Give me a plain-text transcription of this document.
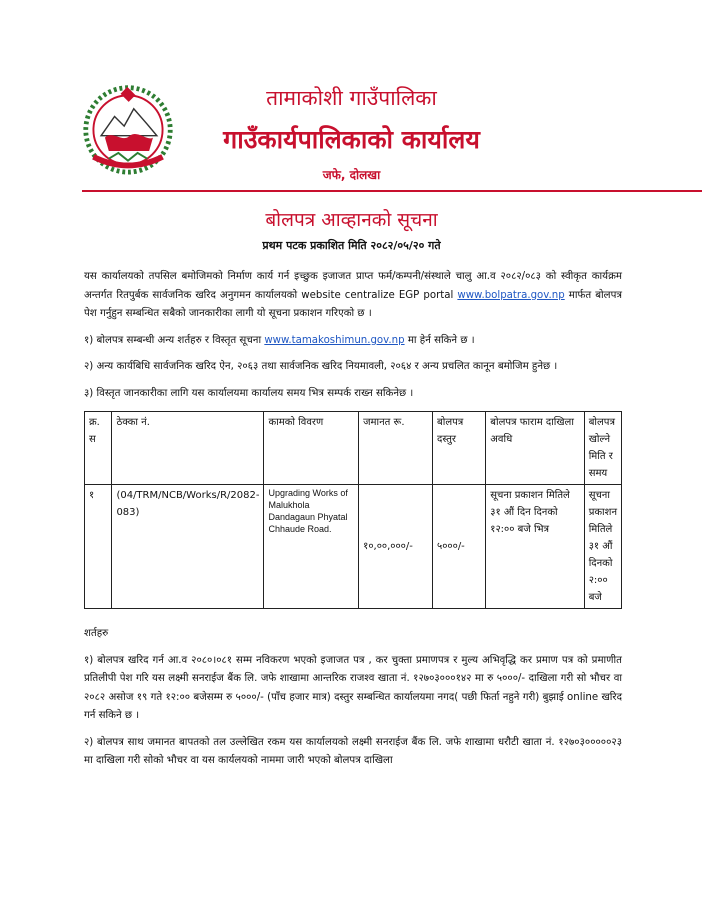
तामाकोशी गाउँपालिका
गाउँकार्यपालिकाको कार्यालय
जफे, दोलखा
बोलपत्र आव्हानको सूचना
प्रथम पटक प्रकाशित मिति २०८२/०५/२० गते

यस कार्यालयको तपसिल बमोजिमको निर्माण कार्य गर्न इच्छुक इजाजत प्राप्त फर्म/कम्पनी/संस्थाले चालु आ.व २०८२/०८३ को स्वीकृत कार्यक्रम अन्तर्गत रितपुर्बक सार्वजनिक खरिद अनुगमन कार्यालयको website centralize EGP portal www.bolpatra.gov.np मार्फत बोलपत्र पेश गर्नुहुन सम्बन्धित सबैको जानकारीका लागी यो सूचना प्रकाशन गरिएको छ ।

१) बोलपत्र सम्बन्धी अन्य शर्तहरु र विस्तृत सूचना www.tamakoshimun.gov.np मा हेर्न सकिने छ ।

२) अन्य कार्यबिधि सार्वजनिक खरिद ऐन, २०६३ तथा सार्वजनिक खरिद नियमावली, २०६४ र अन्य प्रचलित कानून बमोजिम हुनेछ ।

३) विस्तृत जानकारीका लागि यस कार्यालयमा कार्यालय समय भित्र सम्पर्क राख्न सकिनेछ ।

क्र. स	ठेक्का नं.	कामको विवरण	जमानत रू.	बोलपत्र दस्तुर	बोलपत्र फाराम दाखिला अवधि	बोलपत्र खोल्ने मिति र समय
१	(04/TRM/NCB/Works/R/2082-083)	Upgrading Works of Malukhola Dandagaun Phyatal Chhaude Road.	१०,००,०००/-	५०००/-	सूचना प्रकाशन मितिले ३१ औं दिन दिनको १२:०० बजे भित्र	सूचना प्रकाशन मितिले ३१ औं दिनको २:०० बजे

शर्तहरु

१) बोलपत्र खरिद गर्न आ.व २०८०।०८१ सम्म नविकरण भएको इजाजत पत्र , कर चुक्ता प्रमाणपत्र र मुल्य अभिवृद्धि कर प्रमाण पत्र को प्रमाणीत प्रतिलीपी पेश गरि यस लक्ष्मी सनराईज बैंक लि. जफे शाखामा आन्तरिक राजश्व खाता नं. १२७०३०००१४२ मा रु ५०००/- दाखिला गरी सो भौचर वा २०८२ असोज १९ गते १२:०० बजेसम्म रु ५०००/- (पाँच हजार मात्र) दस्तुर सम्बन्धित कार्यालयमा नगद( पछी फिर्ता नहुने गरी) बुझाई online खरिद गर्न सकिने छ ।

२) बोलपत्र साथ जमानत बापतको तल उल्लेखित रकम यस कार्यालयको लक्ष्मी सनराईज बैंक लि. जफे शाखामा धरौटी खाता नं. १२७०३०००००२३ मा दाखिला गरी सोको भौचर वा यस कार्यलयको नाममा जारी भएको बोलपत्र दाखिला
